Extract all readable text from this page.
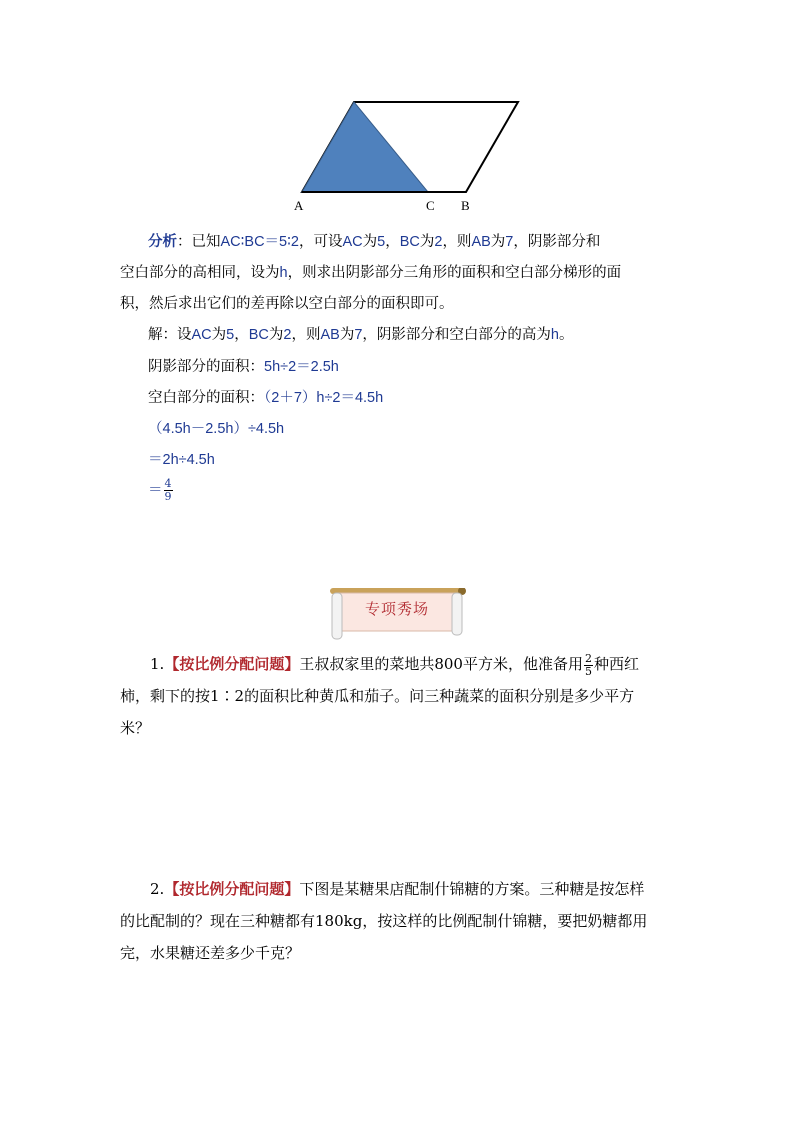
A	C B
分析：已知AC∶BC＝5∶2，可设AC为5，BC为2，则AB为7，阴影部分和
空白部分的高相同，设为h，则求出阴影部分三角形的面积和空白部分梯形的面
积，然后求出它们的差再除以空白部分的面积即可。
解：设AC为5，BC为2，则AB为7，阴影部分和空白部分的高为h。
阴影部分的面积：5h÷2＝2.5h
空白部分的面积：（2＋7）h÷2＝4.5h
（4.5h－2.5h）÷4.5h
＝2h÷4.5h
＝ $\frac{4}{9}$
专项秀场
1.【按比例分配问题】王叔叔家里的菜地共800平方米，他准备用 $\frac{2}{5}$ 种西红
柿，剩下的按1∶2的面积比种黄瓜和茄子。问三种蔬菜的面积分别是多少平方
米？
2.【按比例分配问题】下图是某糖果店配制什锦糖的方案。三种糖是按怎样
的比配制的？现在三种糖都有180kg，按这样的比例配制什锦糖，要把奶糖都用
完，水果糖还差多少千克？
